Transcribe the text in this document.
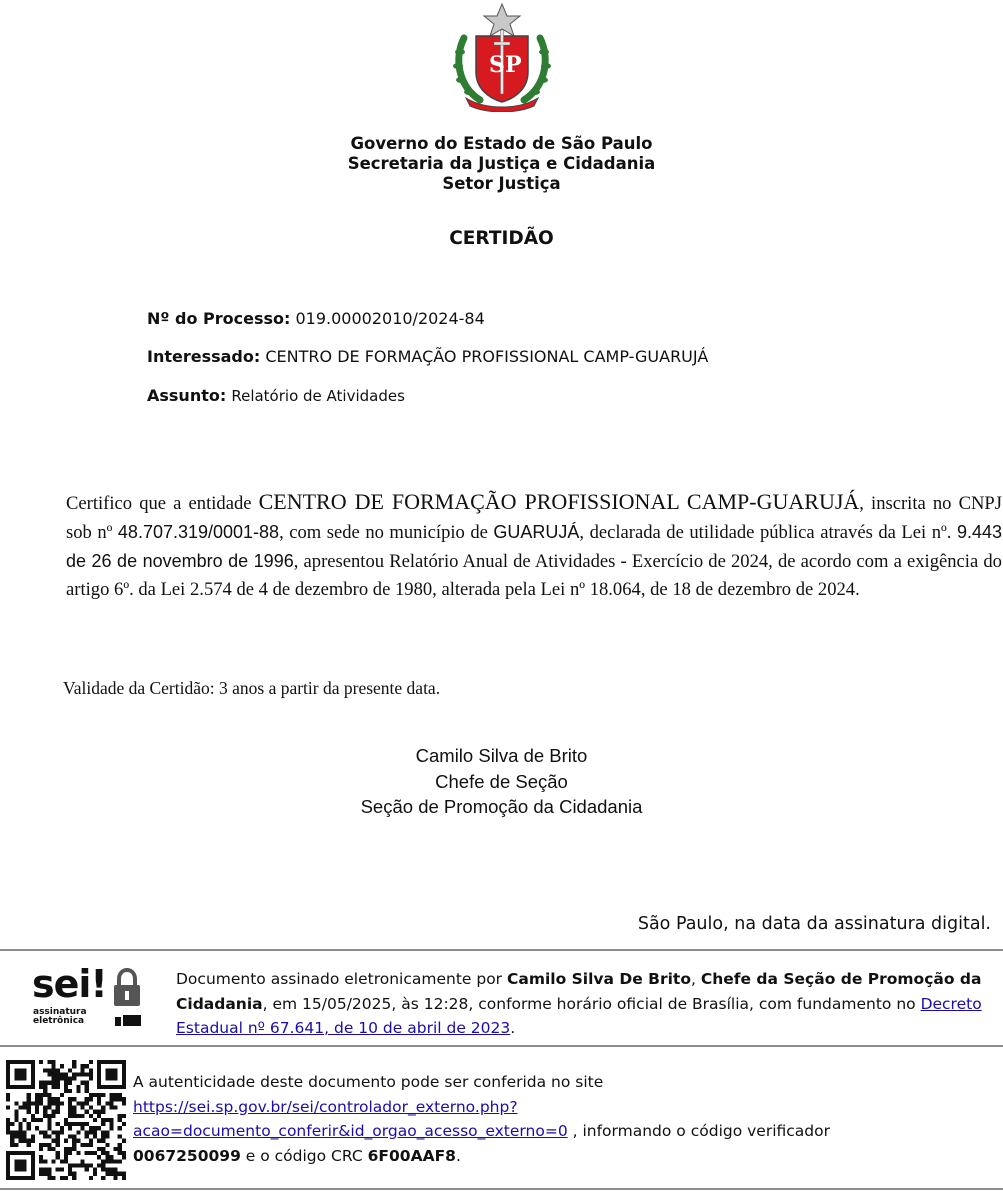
S P
Governo do Estado de São Paulo
Secretaria da Justiça e Cidadania
Setor Justiça
CERTIDÃO
Nº do Processo: 019.00002010/2024-84
Interessado: CENTRO DE FORMAÇÃO PROFISSIONAL CAMP-GUARUJÁ
Assunto: Relatório de Atividades
Certifico que a entidade CENTRO DE FORMAÇÃO PROFISSIONAL CAMP-GUARUJÁ, inscrita no CNPJ sob nº 48.707.319/0001-88, com sede no município de GUARUJÁ, declarada de utilidade pública através da Lei nº. 9.443 de 26 de novembro de 1996, apresentou Relatório Anual de Atividades - Exercício de 2024, de acordo com a exigência do artigo 6º. da Lei 2.574 de 4 de dezembro de 1980, alterada pela Lei nº 18.064, de 18 de dezembro de 2024.
Validade da Certidão: 3 anos a partir da presente data.
Camilo Silva de Brito
Chefe de Seção
Seção de Promoção da Cidadania
São Paulo, na data da assinatura digital.
sei!
assinatura
eletrônica
Documento assinado eletronicamente por Camilo Silva De Brito, Chefe da Seção de Promoção da Cidadania, em 15/05/2025, às 12:28, conforme horário oficial de Brasília, com fundamento no Decreto Estadual nº 67.641, de 10 de abril de 2023.
A autenticidade deste documento pode ser conferida no site
https://sei.sp.gov.br/sei/controlador_externo.php?
acao=documento_conferir&id_orgao_acesso_externo=0 , informando o código verificador
0067250099 e o código CRC 6F00AAF8.
